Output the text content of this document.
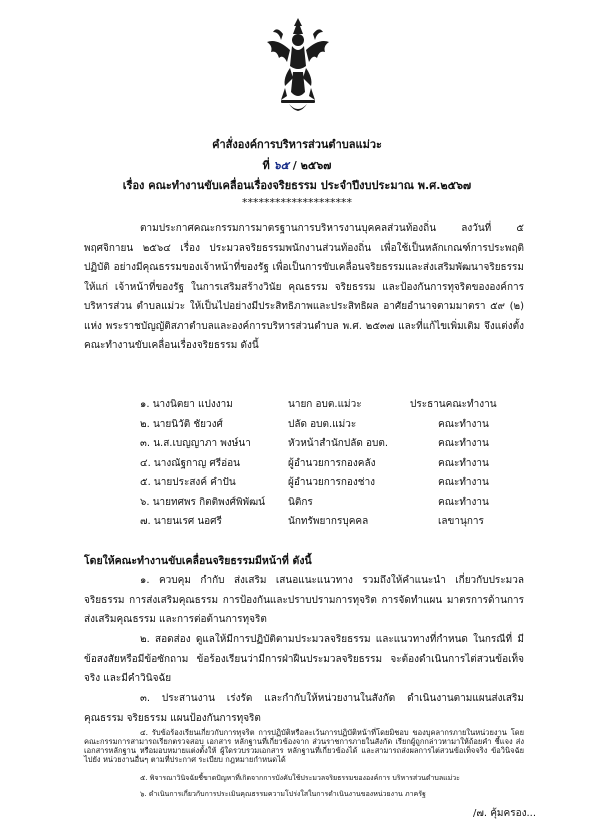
คำสั่งองค์การบริหารส่วนตำบลแม่วะ
ที่ ๖๕ / ๒๕๖๗
เรื่อง คณะทำงานขับเคลื่อนเรื่องจริยธรรม ประจำปีงบประมาณ พ.ศ.๒๕๖๗
********************
ตามประกาศคณะกรรมการมาตรฐานการบริหารงานบุคคลส่วนท้องถิ่น ลงวันที่	๕ พฤศจิกายน ๒๕๖๔ เรื่อง ประมวลจริยธรรมพนักงานส่วนท้องถิ่น เพื่อใช้เป็นหลักเกณฑ์การประพฤติปฏิบัติ อย่างมีคุณธรรมของเจ้าหน้าที่ของรัฐ เพื่อเป็นการขับเคลื่อนจริยธรรมและส่งเสริมพัฒนาจริยธรรมให้แก่ เจ้าหน้าที่ของรัฐ ในการเสริมสร้างวินัย คุณธรรม จริยธรรม และป้องกันการทุจริตขององค์การบริหารส่วน ตำบลแม่วะ ให้เป็นไปอย่างมีประสิทธิภาพและประสิทธิผล อาศัยอำนาจตามมาตรา ๕๙ (๒) แห่ง พระราชบัญญัติสภาตำบลและองค์การบริหารส่วนตำบล พ.ศ. ๒๕๓๗ และที่แก้ไขเพิ่มเติม จึงแต่งตั้ง คณะทำงานขับเคลื่อนเรื่องจริยธรรม ดังนี้
๑. นางนิตยา แปงงาม	นายก อบต.แม่วะ	ประธานคณะทำงาน
๒. นายนิวัติ ชัยวงศ์	ปลัด อบต.แม่วะ	คณะทำงาน
๓. น.ส.เบญญาภา พงษ์นา	หัวหน้าสำนักปลัด อบต.	คณะทำงาน
๔. นางณัฐกาญ ศรีอ่อน	ผู้อำนวยการกองคลัง	คณะทำงาน
๕. นายประสงค์ คำปัน	ผู้อำนวยการกองช่าง	คณะทำงาน
๖. นายทศพร กิตติพงศ์พิพัฒน์ นิติกร	คณะทำงาน
๗. นายนเรศ นอศรี	นักทรัพยากรบุคคล	เลขานุการ
โดยให้คณะทำงานขับเคลื่อนจริยธรรมมีหน้าที่ ดังนี้
๑. ควบคุม กำกับ ส่งเสริม เสนอแนะแนวทาง รวมถึงให้คำแนะนำ เกี่ยวกับประมวล จริยธรรม การส่งเสริมคุณธรรม การป้องกันและปราบปรามการทุจริต การจัดทำแผน มาตรการด้านการ ส่งเสริมคุณธรรม และการต่อต้านการทุจริต
๒. สอดส่อง ดูแลให้มีการปฏิบัติตามประมวลจริยธรรม และแนวทางที่กำหนด ในกรณีที่ มีข้อสงสัยหรือมีข้อซักถาม ข้อร้องเรียนว่ามีการฝ่าฝืนประมวลจริยธรรม จะต้องดำเนินการไต่สวนข้อเท็จจริง และมีคำวินิจฉัย
๓. ประสานงาน เร่งรัด และกำกับให้หน่วยงานในสังกัด ดำเนินงานตามแผนส่งเสริม คุณธรรม จริยธรรม แผนป้องกันการทุจริต
๔. รับข้อร้องเรียนเกี่ยวกับการทุจริต การปฏิบัติหรือละเว้นการปฏิบัติหน้าที่โดยมิชอบ ของบุคลากรภายในหน่วยงาน โดยคณะกรรมการสามารถเรียกตรวจสอบ เอกสาร หลักฐานที่เกี่ยวข้องจาก ส่วนราชการภายในสังกัด เรียกผู้ถูกกล่าวหามาให้ถ้อยคำ ชี้แจง ส่งเอกสารหลักฐาน หรือมอบหมายแต่งตั้งให้ ผู้ใดรวบรวมเอกสาร หลักฐานที่เกี่ยวข้องได้ และสามารถส่งผลการไต่สวนข้อเท็จจริง ข้อวินิจฉัย ไปยัง หน่วยงานอื่นๆ ตามที่ประกาศ ระเบียบ กฎหมายกำหนดได้
/๗. คุ้มครอง...
๕. พิจารณาวินิจฉัยชี้ขาดปัญหาที่เกิดจากการบังคับใช้ประมวลจริยธรรมขององค์การ บริหารส่วนตำบลแม่วะ
๖. ดำเนินการเกี่ยวกับการประเมินคุณธรรมความโปร่งใสในการดำเนินงานของหน่วยงาน ภาครัฐ
